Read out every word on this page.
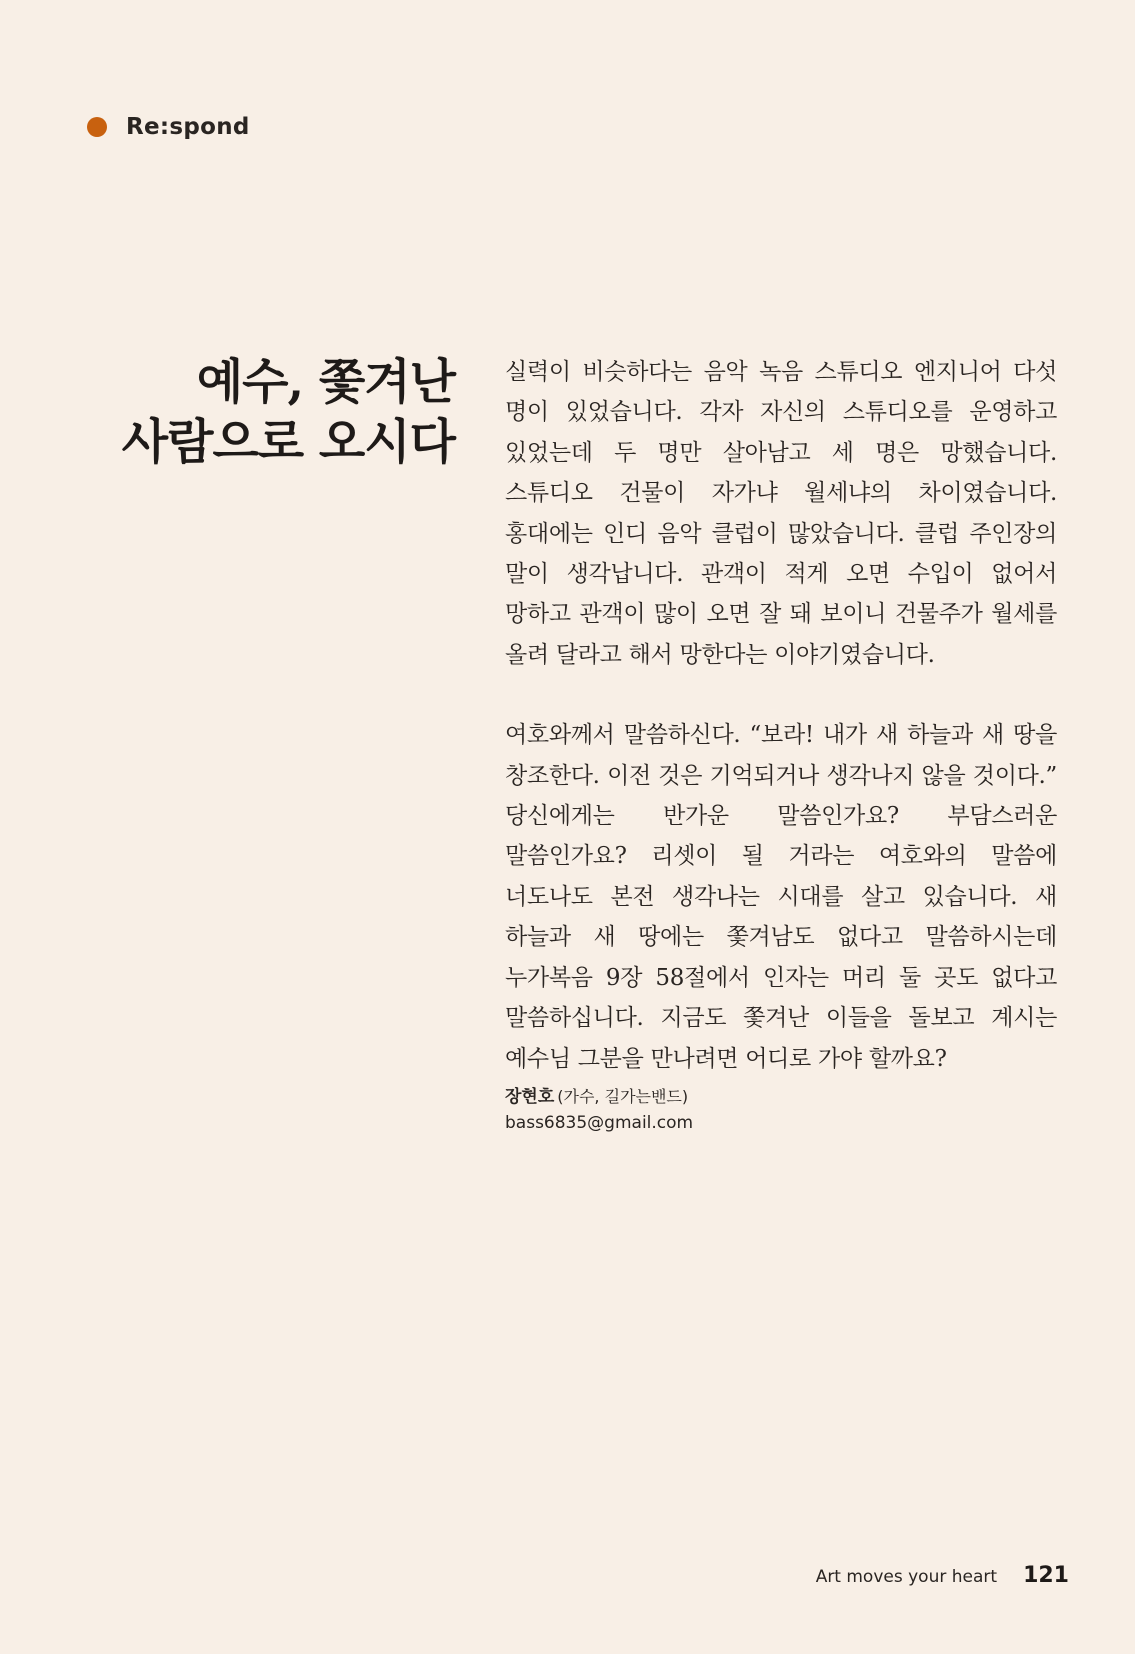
Re:spond
예수, 쫓겨난
사람으로 오시다

실력이 비슷하다는 음악 녹음 스튜디오 엔지니어 다섯 명이 있었습니다. 각자 자신의 스튜디오를 운영하고 있었는데 두 명만 살아남고 세 명은 망했습니다. 스튜디오 건물이 자가냐 월세냐의 차이였습니다. 홍대에는 인디 음악 클럽이 많았습니다. 클럽 주인장의 말이 생각납니다. 관객이 적게 오면 수입이 없어서 망하고 관객이 많이 오면 잘 돼 보이니 건물주가 월세를 올려 달라고 해서 망한다는 이야기였습니다.

여호와께서 말씀하신다. “보라! 내가 새 하늘과 새 땅을 창조한다. 이전 것은 기억되거나 생각나지 않을 것이다.” 당신에게는 반가운 말씀인가요? 부담스러운 말씀인가요? 리셋이 될 거라는 여호와의 말씀에 너도나도 본전 생각나는 시대를 살고 있습니다. 새 하늘과 새 땅에는 쫓겨남도 없다고 말씀하시는데 누가복음 9장 58절에서 인자는 머리 둘 곳도 없다고 말씀하십니다. 지금도 쫓겨난 이들을 돌보고 계시는 예수님 그분을 만나려면 어디로 가야 할까요?

장현호 (가수, 길가는밴드)
bass6835@gmail.com
Art moves your heart 121
